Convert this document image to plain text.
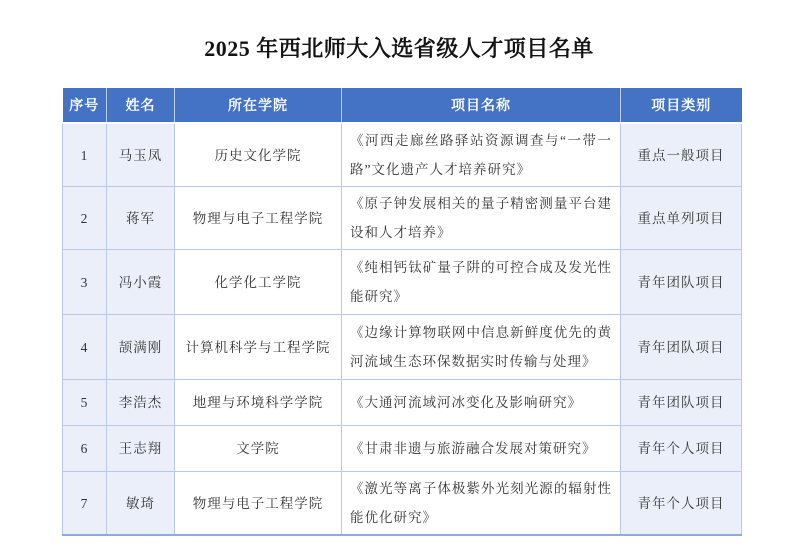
2025 年西北师大入选省级人才项目名单
序号	姓名	所在学院	项目名称	项目类别
1	马玉凤	历史文化学院	《河西走廊丝路驿站资源调查与“一带一路”文化遗产人才培养研究》	重点一般项目
2	蒋军	物理与电子工程学院	《原子钟发展相关的量子精密测量平台建设和人才培养》	重点单列项目
3	冯小霞	化学化工学院	《纯相钙钛矿量子阱的可控合成及发光性能研究》	青年团队项目
4	颉满刚	计算机科学与工程学院	《边缘计算物联网中信息新鲜度优先的黄河流域生态环保数据实时传输与处理》	青年团队项目
5	李浩杰	地理与环境科学学院	《大通河流域河冰变化及影响研究》	青年团队项目
6	王志翔	文学院	《甘肃非遗与旅游融合发展对策研究》	青年个人项目
7	敏琦	物理与电子工程学院	《激光等离子体极紫外光刻光源的辐射性能优化研究》	青年个人项目
